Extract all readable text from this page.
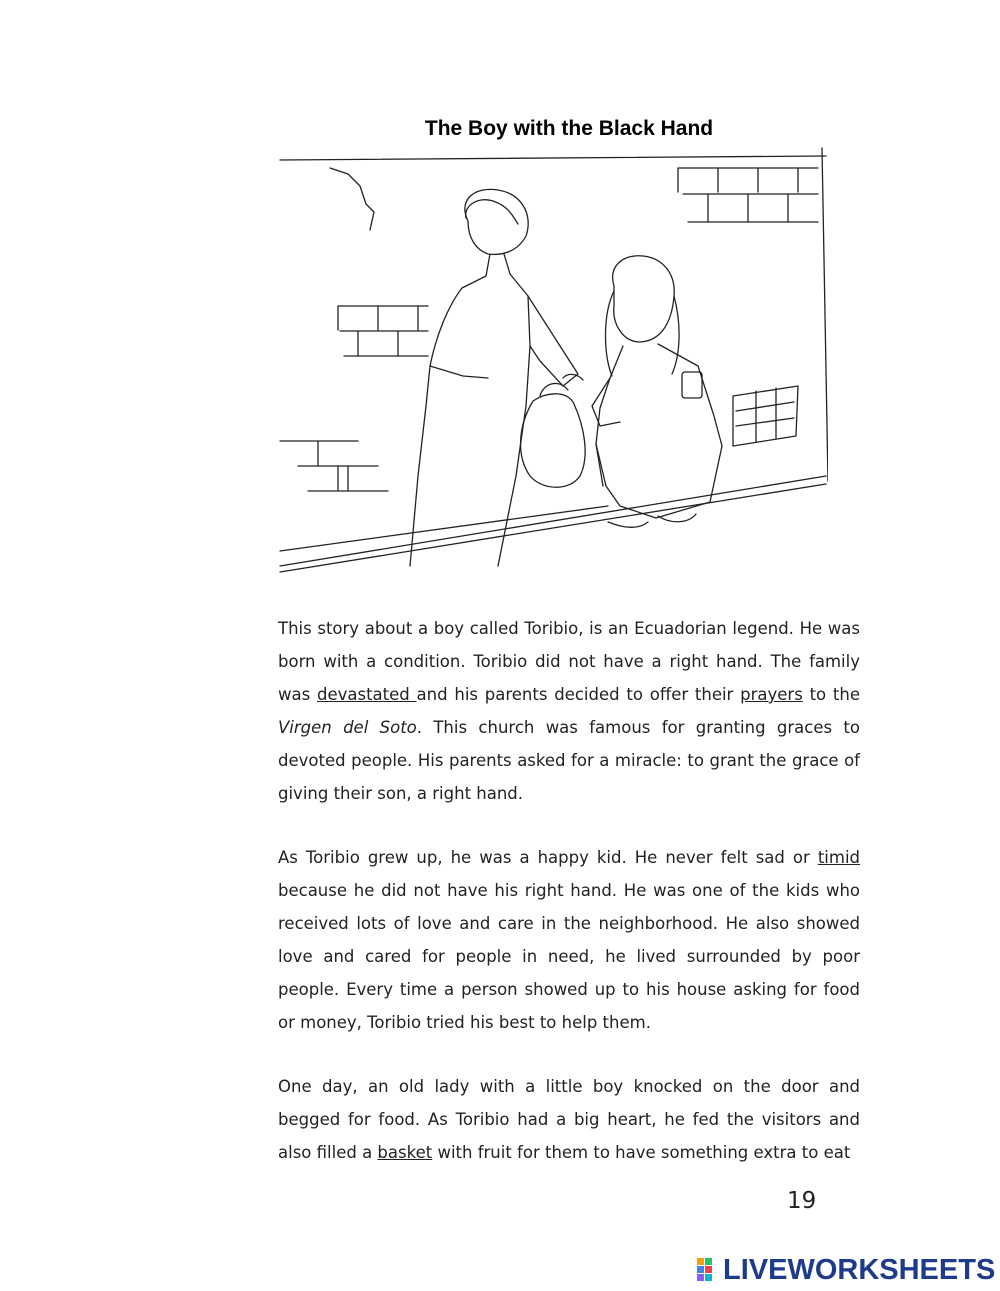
The Boy with the Black Hand

This story about a boy called Toribio, is an Ecuadorian legend. He was born with a condition. Toribio did not have a right hand. The family was devastated and his parents decided to offer their prayers to the Virgen del Soto. This church was famous for granting graces to devoted people. His parents asked for a miracle: to grant the grace of giving their son, a right hand.

As Toribio grew up, he was a happy kid. He never felt sad or timid because he did not have his right hand. He was one of the kids who received lots of love and care in the neighborhood. He also showed love and cared for people in need, he lived surrounded by poor people. Every time a person showed up to his house asking for food or money, Toribio tried his best to help them.

One day, an old lady with a little boy knocked on the door and begged for food. As Toribio had a big heart, he fed the visitors and also filled a basket with fruit for them to have something extra to eat

19
LIVEWORKSHEETS
